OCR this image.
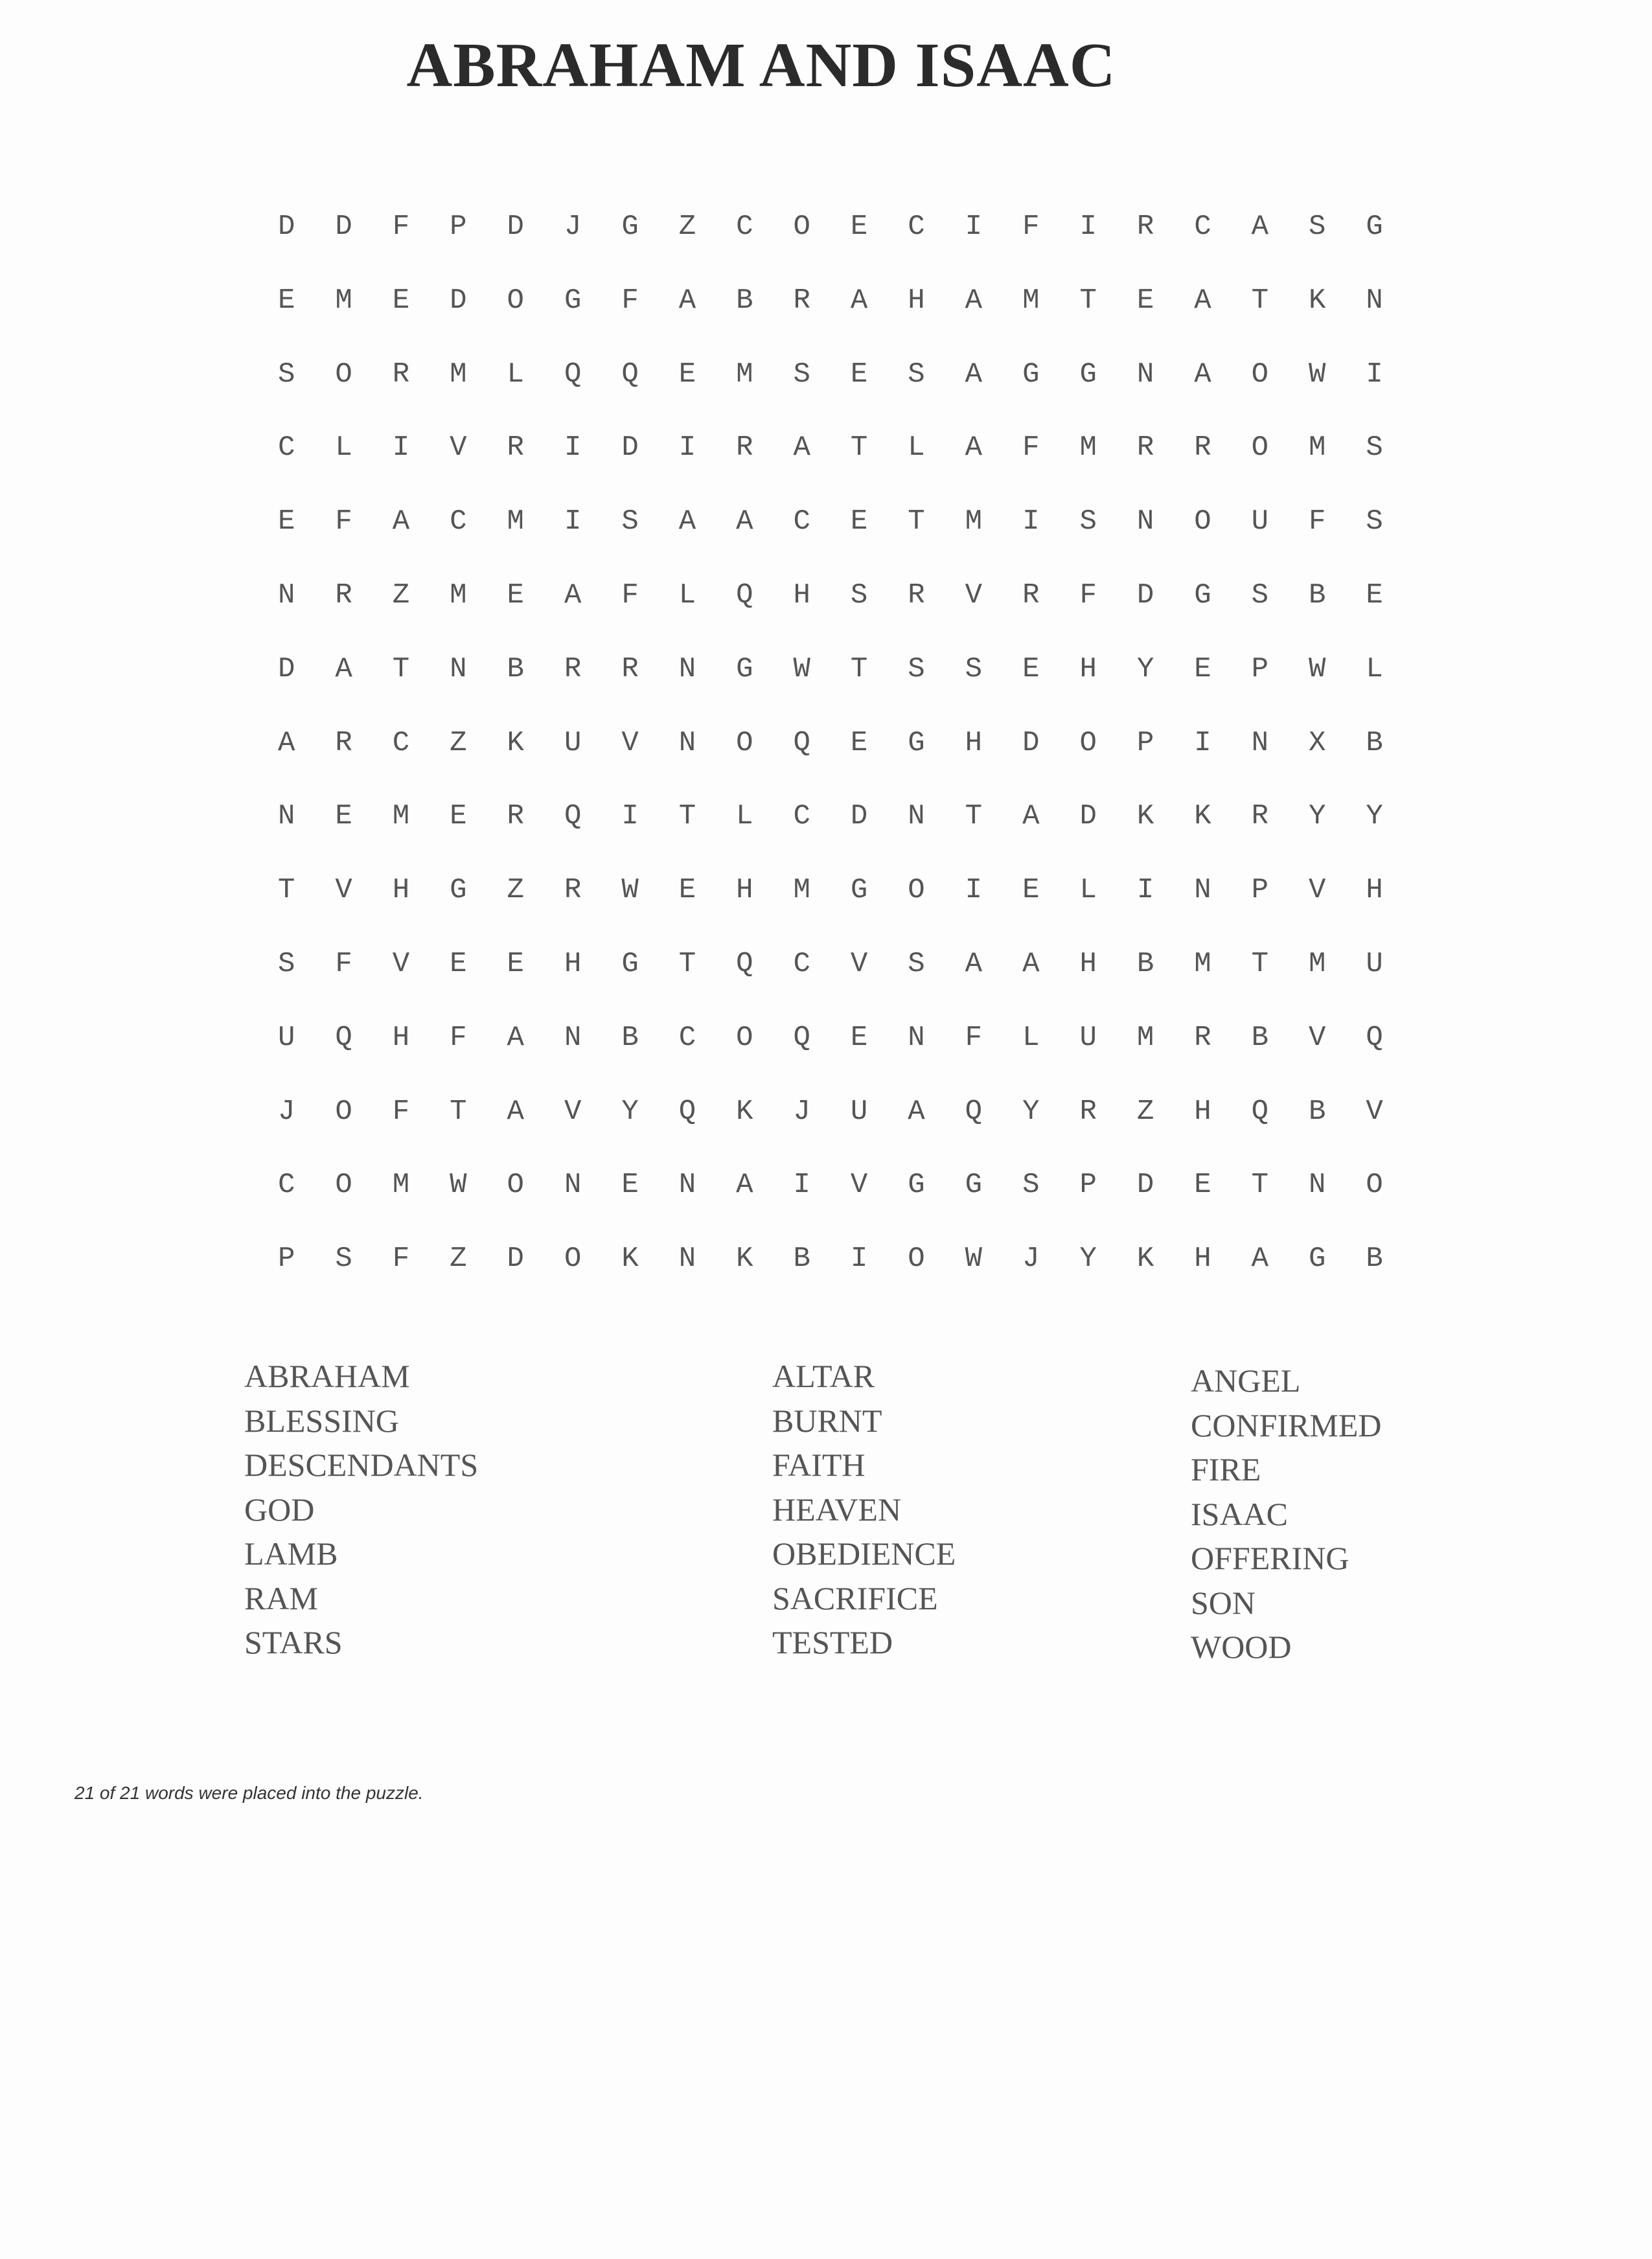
ABRAHAM AND ISAAC
D	D	F	P	D	J	G	Z	C	O	E	C	I	F	I	R	C	A	S	G
E	M	E	D	O	G	F	A	B	R	A	H	A	M	T	E	A	T	K	N
S	O	R	M	L	Q	Q	E	M	S	E	S	A	G	G	N	A	O	W	I
C	L	I	V	R	I	D	I	R	A	T	L	A	F	M	R	R	O	M	S
E	F	A	C	M	I	S	A	A	C	E	T	M	I	S	N	O	U	F	S
N	R	Z	M	E	A	F	L	Q	H	S	R	V	R	F	D	G	S	B	E
D	A	T	N	B	R	R	N	G	W	T	S	S	E	H	Y	E	P	W	L
A	R	C	Z	K	U	V	N	O	Q	E	G	H	D	O	P	I	N	X	B
N	E	M	E	R	Q	I	T	L	C	D	N	T	A	D	K	K	R	Y	Y
T	V	H	G	Z	R	W	E	H	M	G	O	I	E	L	I	N	P	V	H
S	F	V	E	E	H	G	T	Q	C	V	S	A	A	H	B	M	T	M	U
U	Q	H	F	A	N	B	C	O	Q	E	N	F	L	U	M	R	B	V	Q
J	O	F	T	A	V	Y	Q	K	J	U	A	Q	Y	R	Z	H	Q	B	V
C	O	M	W	O	N	E	N	A	I	V	G	G	S	P	D	E	T	N	O
P	S	F	Z	D	O	K	N	K	B	I	O	W	J	Y	K	H	A	G	B
ABRAHAM
BLESSING
DESCENDANTS
GOD
LAMB
RAM
STARS
ALTAR
BURNT
FAITH
HEAVEN
OBEDIENCE
SACRIFICE
TESTED
ANGEL
CONFIRMED
FIRE
ISAAC
OFFERING
SON
WOOD
21 of 21 words were placed into the puzzle.
